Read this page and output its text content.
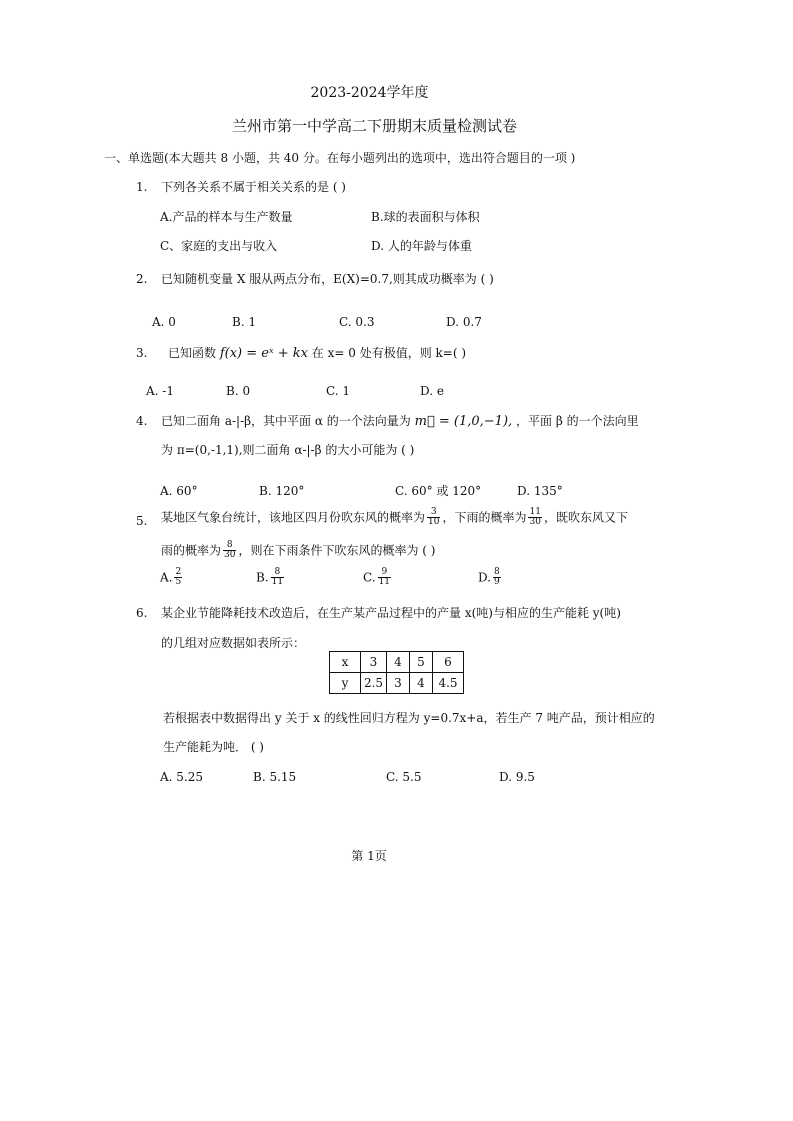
2023-2024学年度
兰州市第一中学高二下册期末质量检测试卷
一、单选题(本大题共 8 小题，共 40 分。在每小题列出的选项中，选出符合题目的一项 )
1. 下列各关系不属于相关关系的是 ( )
A.产品的样本与生产数量	B.球的表面积与体积
C、家庭的支出与收入	D. 人的年龄与体重
2. 已知随机变量 X 服从两点分布，E(X)=0.7,则其成功概率为 ( )
A. 0	B. 1	C. 0.3	D. 0.7
3. 已知函数 f(x) = eˣ + kx 在 x= 0 处有极值，则 k=( )
A. -1	B. 0	C. 1	D. e
4. 已知二面角 a-|-β，其中平面 α 的一个法向量为 m⃗ = (1,0,−1), ，平面 β 的一个法向里
为 π=(0,-1,1),则二面角 α-|-β 的大小可能为 ( )
A. 60°	B. 120°	C. 60° 或 120°	D. 135°
5. 某地区气象台统计，该地区四月份吹东风的概率为 $\frac{3}{10}$ ，下雨的概率为 $\frac{11}{30}$ ，既吹东风又下
雨的概率为 $\frac{8}{30}$ ，则在下雨条件下吹东风的概率为 ( )
A. $\frac{2}{5}$	B. $\frac{8}{11}$	C. $\frac{9}{11}$	D. $\frac{8}{9}$
6. 某企业节能降耗技术改造后，在生产某产品过程中的产量 x(吨)与相应的生产能耗 y(吨)
的几组对应数据如表所示：
x	3	4	5	6
y	2.5	3	4	4.5
若根据表中数据得出 y 关于 x 的线性回归方程为 y=0.7x+a，若生产 7 吨产品，预计相应的
生产能耗为吨． ( )
A. 5.25	B. 5.15	C. 5.5	D. 9.5
第 1页
